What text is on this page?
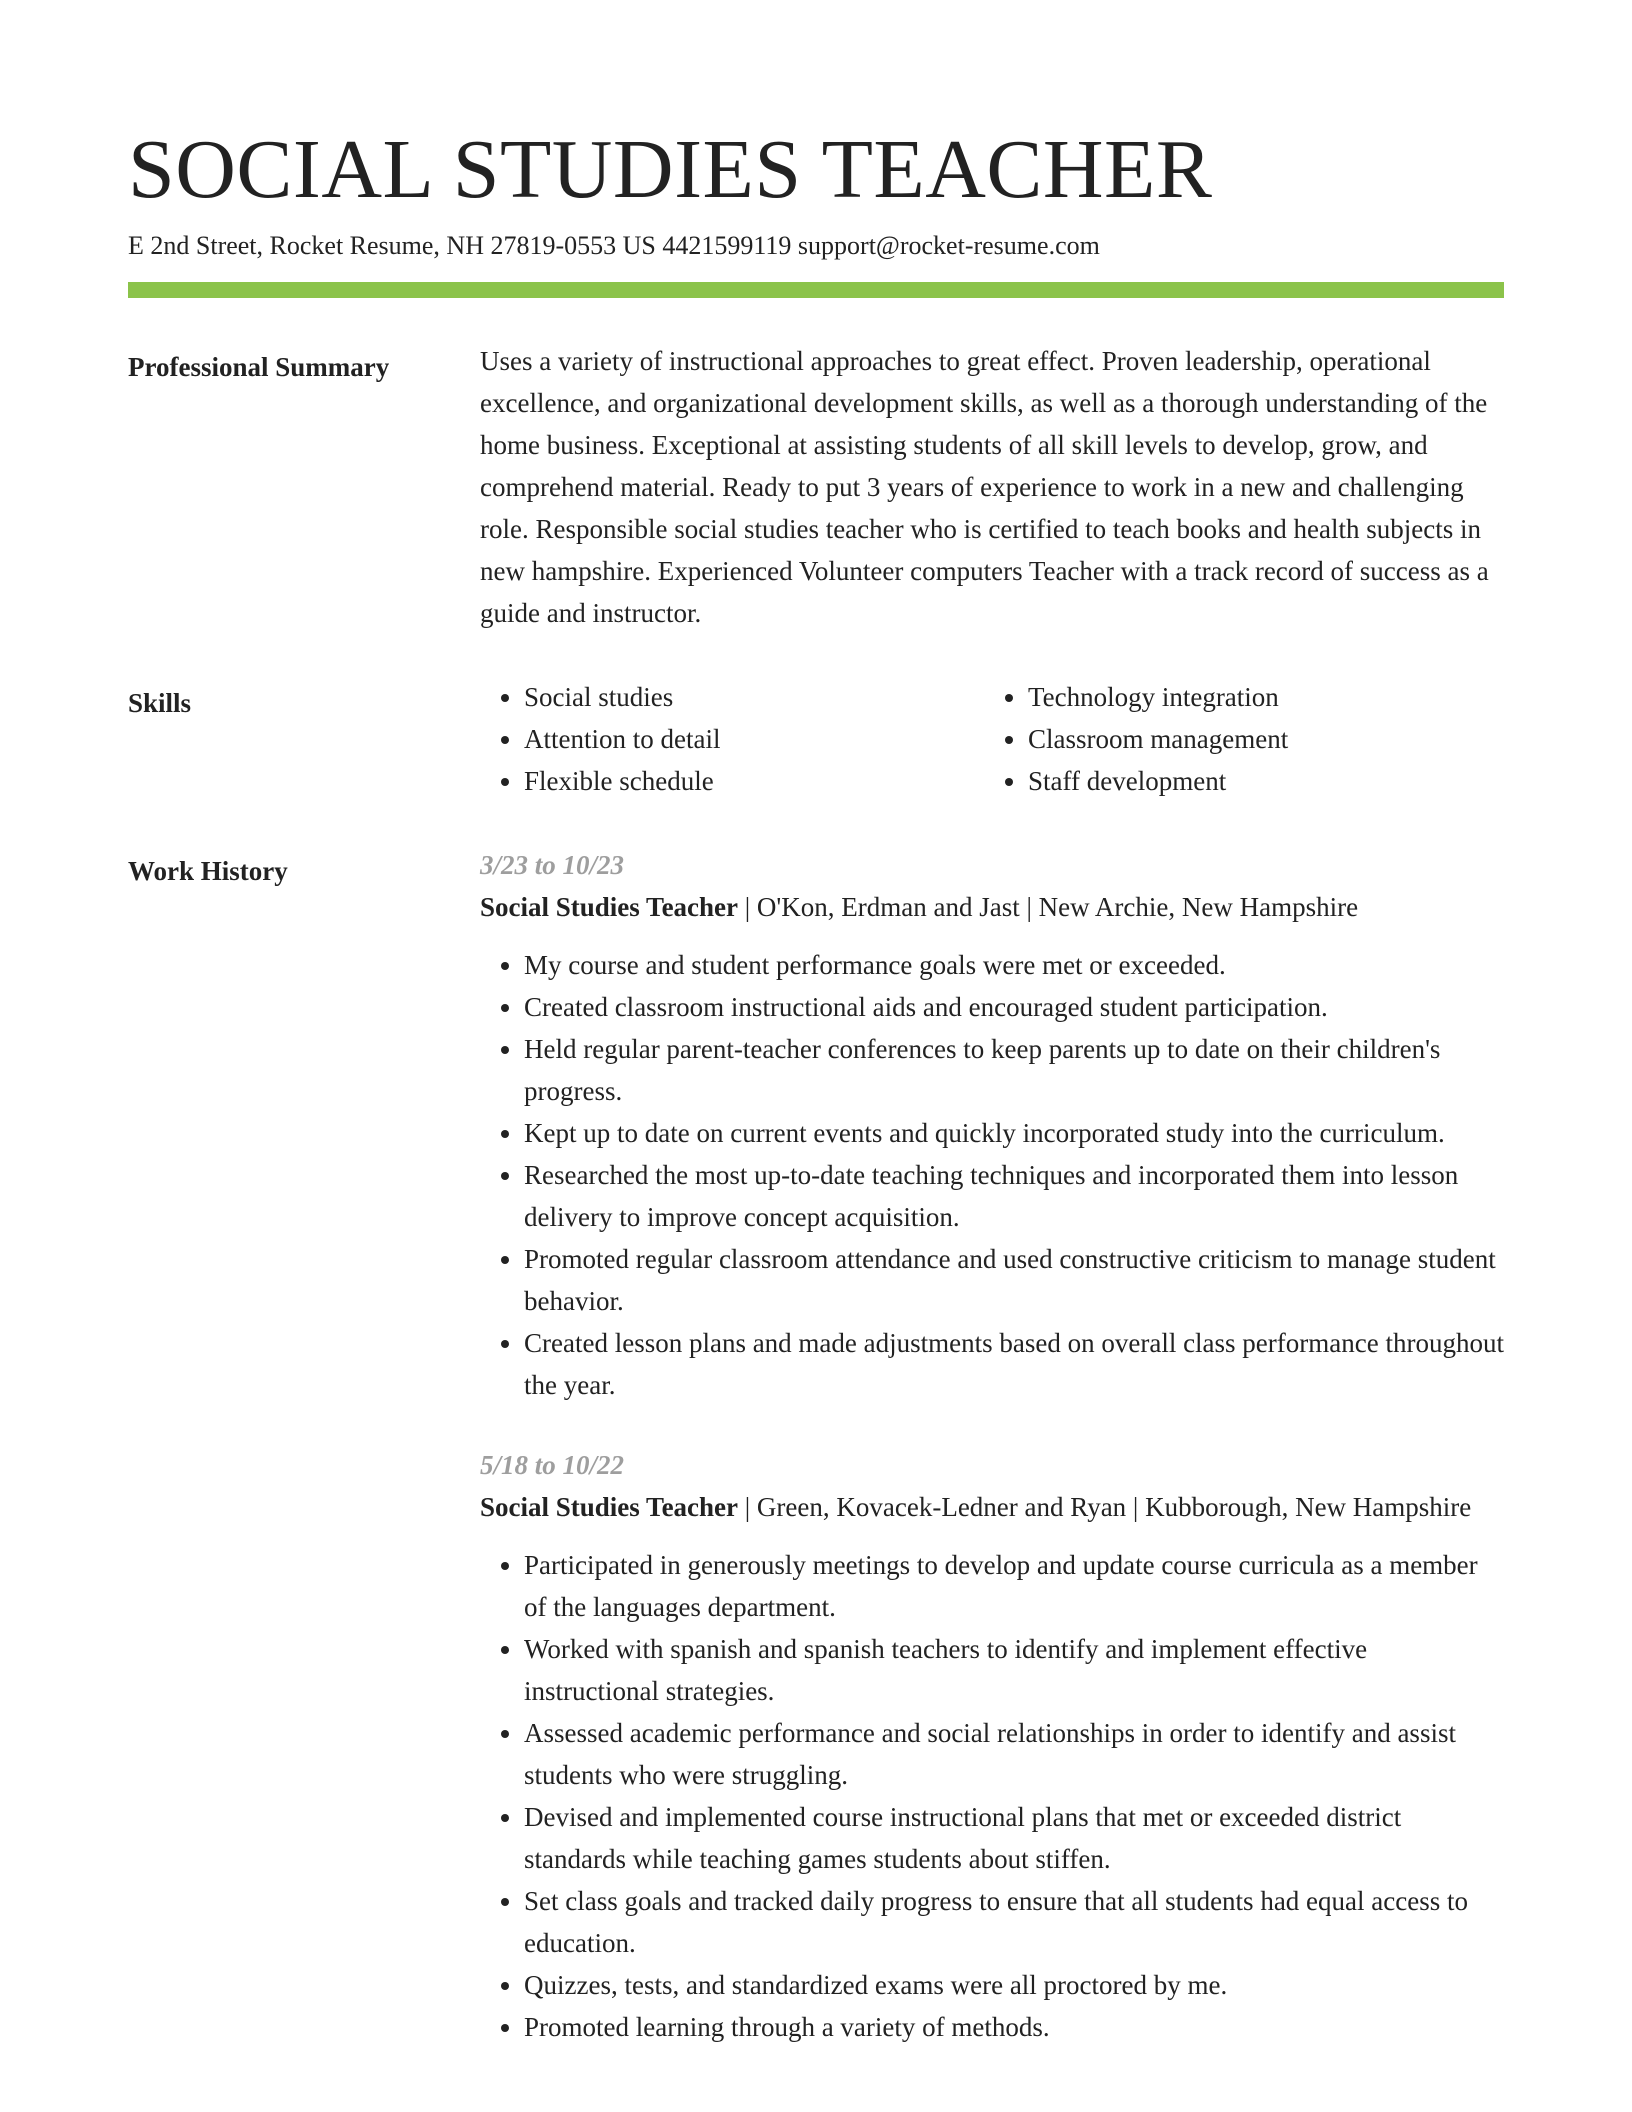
SOCIAL STUDIES TEACHER
E 2nd Street, Rocket Resume, NH 27819-0553 US 4421599119 support@rocket-resume.com
Professional Summary	Uses a variety of instructional approaches to great effect. Proven leadership, operational excellence, and organizational development skills, as well as a thorough understanding of the home business. Exceptional at assisting students of all skill levels to develop, grow, and comprehend material. Ready to put 3 years of experience to work in a new and challenging role. Responsible social studies teacher who is certified to teach books and health subjects in new hampshire. Experienced Volunteer computers Teacher with a track record of success as a guide and instructor.

Skills
•	Social studies
• Attention to detail
• Flexible schedule
• Technology integration
• Classroom management
• Staff development
Work History	3/23 to 10/23
Social Studies Teacher | O'Kon, Erdman and Jast | New Archie, New Hampshire
• My course and student performance goals were met or exceeded.
• Created classroom instructional aids and encouraged student participation.
• Held regular parent-teacher conferences to keep parents up to date on their children's progress.
• Kept up to date on current events and quickly incorporated study into the curriculum.
• Researched the most up-to-date teaching techniques and incorporated them into lesson delivery to improve concept acquisition.
• Promoted regular classroom attendance and used constructive criticism to manage student behavior.
• Created lesson plans and made adjustments based on overall class performance throughout the year.
5/18 to 10/22
Social Studies Teacher | Green, Kovacek-Ledner and Ryan | Kubborough, New Hampshire
• Participated in generously meetings to develop and update course curricula as a member of the languages department.
• Worked with spanish and spanish teachers to identify and implement effective instructional strategies.
• Assessed academic performance and social relationships in order to identify and assist students who were struggling.
• Devised and implemented course instructional plans that met or exceeded district standards while teaching games students about stiffen.
• Set class goals and tracked daily progress to ensure that all students had equal access to education.
• Quizzes, tests, and standardized exams were all proctored by me.
• Promoted learning through a variety of methods.
